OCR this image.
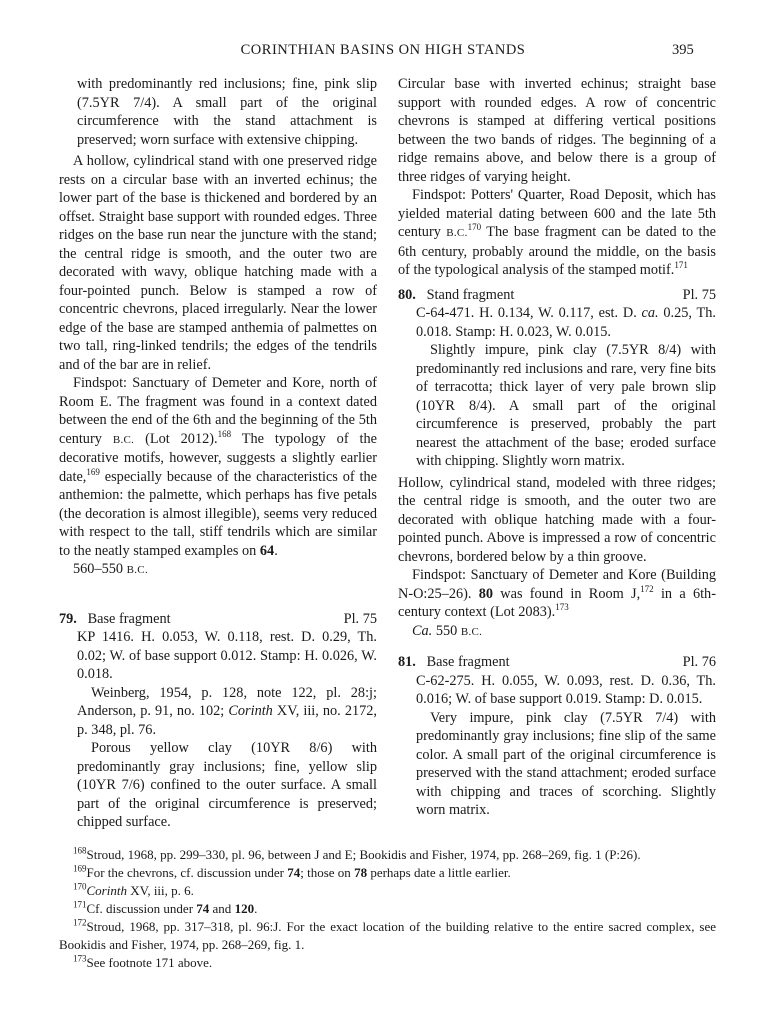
CORINTHIAN BASINS ON HIGH STANDS	395

with predominantly red inclusions; fine, pink slip (7.5YR 7/4). A small part of the original circumference with the stand attachment is preserved; worn surface with extensive chipping.

A hollow, cylindrical stand with one preserved ridge rests on a circular base with an inverted echinus; the lower part of the base is thickened and bordered by an offset. Straight base support with rounded edges. Three ridges on the base run near the juncture with the stand; the central ridge is smooth, and the outer two are decorated with wavy, oblique hatching made with a four-pointed punch. Below is stamped a row of concentric chevrons, placed irregularly. Near the lower edge of the base are stamped anthemia of palmettes on two tall, ring-linked tendrils; the edges of the tendrils and of the bar are in relief.

Findspot: Sanctuary of Demeter and Kore, north of Room E. The fragment was found in a context dated between the end of the 6th and the beginning of the 5th century B.C. (Lot 2012).$^{168}$ The typology of the decorative motifs, however, suggests a slightly earlier date,$^{169}$ especially because of the characteristics of the anthemion: the palmette, which perhaps has five petals (the decoration is almost illegible), seems very reduced with respect to the tall, stiff tendrils which are similar to the neatly stamped examples on 64.

560–550 B.C.

79. Base fragment	Pl. 75

KP 1416. H. 0.053, W. 0.118, rest. D. 0.29, Th. 0.02; W. of base support 0.012. Stamp: H. 0.026, W. 0.018.

Weinberg, 1954, p. 128, note 122, pl. 28:j; Anderson, p. 91, no. 102; Corinth XV, iii, no. 2172, p. 348, pl. 76.

Porous yellow clay (10YR 8/6) with predominantly gray inclusions; fine, yellow slip (10YR 7/6) confined to the outer surface. A small part of the original circumference is preserved; chipped surface.

Circular base with inverted echinus; straight base support with rounded edges. A row of concentric chevrons is stamped at differing vertical positions between the two bands of ridges. The beginning of a ridge remains above, and below there is a group of three ridges of varying height.

Findspot: Potters' Quarter, Road Deposit, which has yielded material dating between 600 and the late 5th century B.C.$^{170}$ The base fragment can be dated to the 6th century, probably around the middle, on the basis of the typological analysis of the stamped motif.$^{171}$

80. Stand fragment	Pl. 75

C-64-471. H. 0.134, W. 0.117, est. D. ca. 0.25, Th. 0.018. Stamp: H. 0.023, W. 0.015.

Slightly impure, pink clay (7.5YR 8/4) with predominantly red inclusions and rare, very fine bits of terracotta; thick layer of very pale brown slip (10YR 8/4). A small part of the original circumference is preserved, probably the part nearest the attachment of the base; eroded surface with chipping. Slightly worn matrix.

Hollow, cylindrical stand, modeled with three ridges; the central ridge is smooth, and the outer two are decorated with oblique hatching made with a four-pointed punch. Above is impressed a row of concentric chevrons, bordered below by a thin groove.

Findspot: Sanctuary of Demeter and Kore (Building N-O:25–26). 80 was found in Room J,$^{172}$ in a 6th-century context (Lot 2083).$^{173}$

Ca. 550 B.C.

81. Base fragment	Pl. 76

C-62-275. H. 0.055, W. 0.093, rest. D. 0.36, Th. 0.016; W. of base support 0.019. Stamp: D. 0.015.

Very impure, pink clay (7.5YR 7/4) with predominantly gray inclusions; fine slip of the same color. A small part of the original circumference is preserved with the stand attachment; eroded surface with chipping and traces of scorching. Slightly worn matrix.

$^{168}$Stroud, 1968, pp. 299–330, pl. 96, between J and E; Bookidis and Fisher, 1974, pp. 268–269, fig. 1 (P:26).

$^{169}$For the chevrons, cf. discussion under 74; those on 78 perhaps date a little earlier.

$^{170}$Corinth XV, iii, p. 6.

$^{171}$Cf. discussion under 74 and 120.

$^{172}$Stroud, 1968, pp. 317–318, pl. 96:J. For the exact location of the building relative to the entire sacred complex, see Bookidis and Fisher, 1974, pp. 268–269, fig. 1.

$^{173}$See footnote 171 above.
